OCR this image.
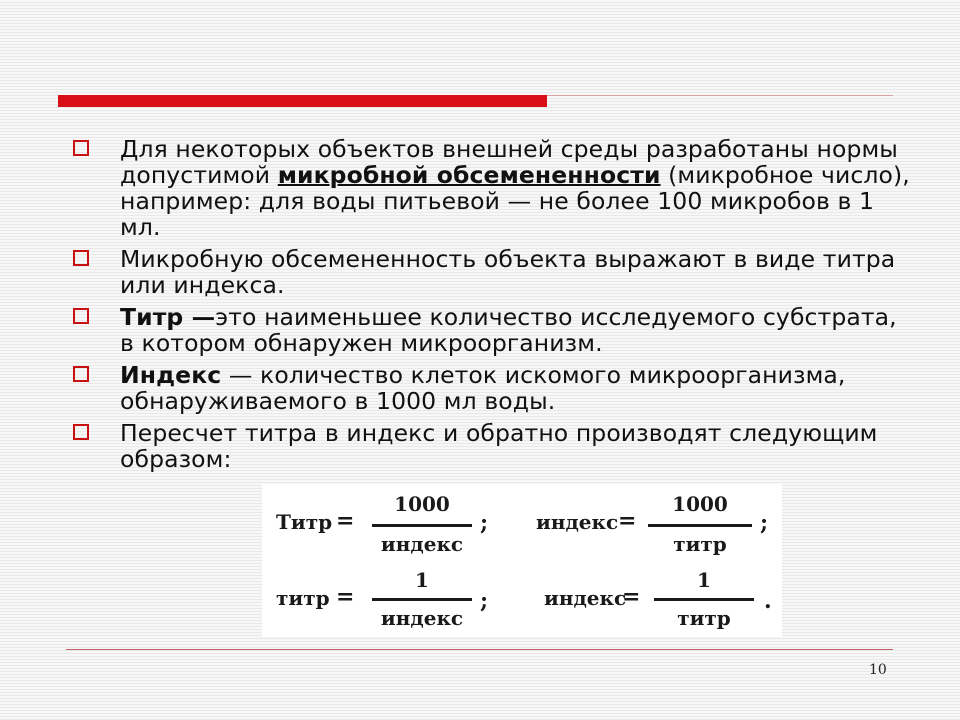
Для некоторых объектов внешней среды разработаны нормы допустимой микробной обсемененности (микробное число), например: для воды питьевой — не более 100 микробов в 1 мл.
Микробную обсемененность объекта выражают в виде титра или индекса.
Титр —это наименьшее количество исследуемого субстрата, в котором обнаружен микроорганизм.
Индекс — количество клеток искомого микроорганизма, обнаруживаемого в 1000 мл воды.
Пересчет титра в индекс и обратно производят следующим образом:
Титр =
1000
индекс
; индекс =
1000
титр
;
титр =
1
индекс
;	индекс
=
1
титр
.
10
